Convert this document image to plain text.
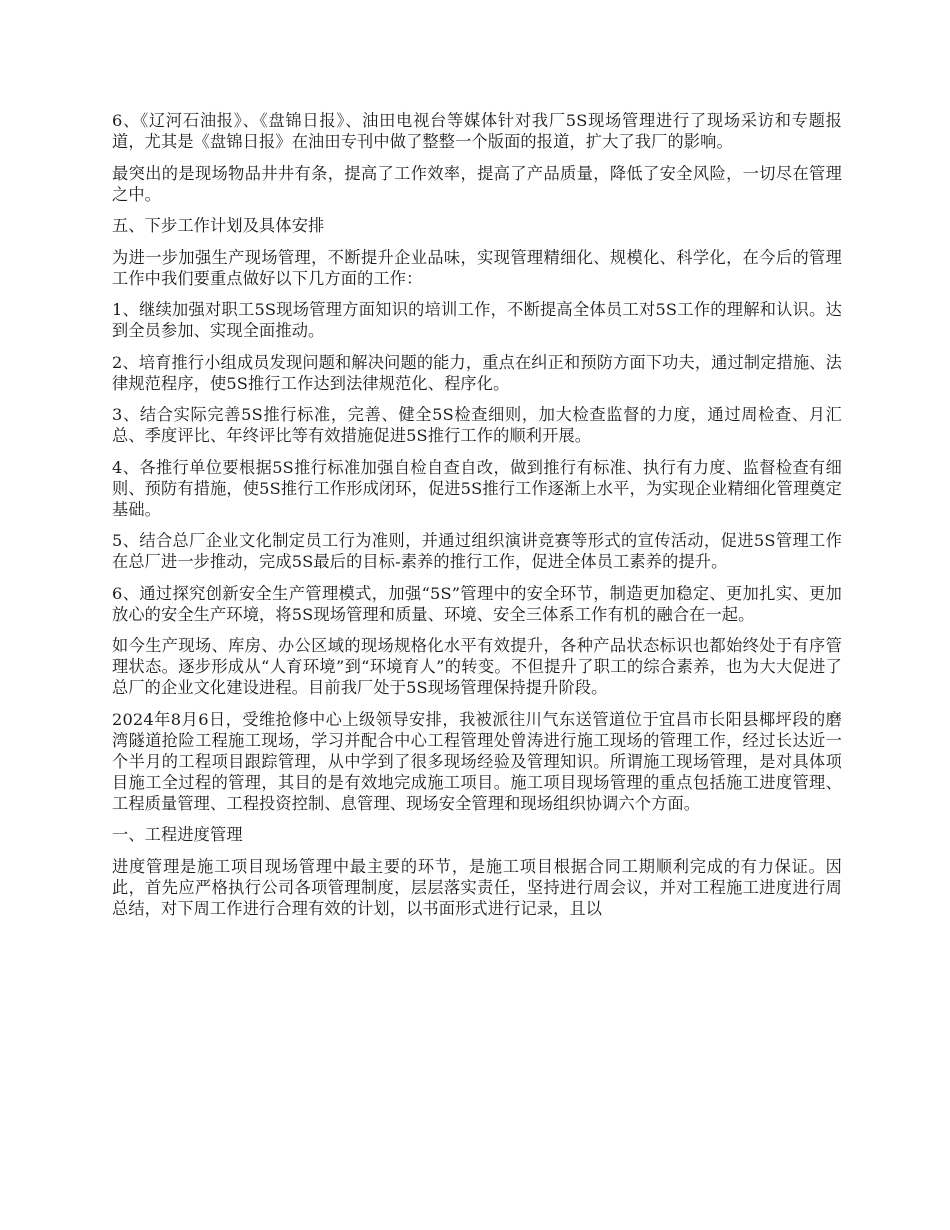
6、《辽河石油报》、《盘锦日报》、油田电视台等媒体针对我厂5S现场管理进行了现场采访和专题报道，尤其是《盘锦日报》在油田专刊中做了整整一个版面的报道，扩大了我厂的影响。

最突出的是现场物品井井有条，提高了工作效率，提高了产品质量，降低了安全风险，一切尽在管理之中。

五、下步工作计划及具体安排

为进一步加强生产现场管理，不断提升企业品味，实现管理精细化、规模化、科学化，在今后的管理工作中我们要重点做好以下几方面的工作：

1、继续加强对职工5S现场管理方面知识的培训工作，不断提高全体员工对5S工作的理解和认识。达到全员参加、实现全面推动。

2、培育推行小组成员发现问题和解决问题的能力，重点在纠正和预防方面下功夫，通过制定措施、法律规范程序，使5S推行工作达到法律规范化、程序化。

3、结合实际完善5S推行标准，完善、健全5S检查细则，加大检查监督的力度，通过周检查、月汇总、季度评比、年终评比等有效措施促进5S推行工作的顺利开展。

4、各推行单位要根据5S推行标准加强自检自查自改，做到推行有标准、执行有力度、监督检查有细则、预防有措施，使5S推行工作形成闭环，促进5S推行工作逐渐上水平，为实现企业精细化管理奠定基础。

5、结合总厂企业文化制定员工行为准则，并通过组织演讲竞赛等形式的宣传活动，促进5S管理工作在总厂进一步推动，完成5S最后的目标-素养的推行工作，促进全体员工素养的提升。

6、通过探究创新安全生产管理模式，加强“5S”管理中的安全环节，制造更加稳定、更加扎实、更加放心的安全生产环境，将5S现场管理和质量、环境、安全三体系工作有机的融合在一起。

如今生产现场、库房、办公区域的现场规格化水平有效提升，各种产品状态标识也都始终处于有序管理状态。逐步形成从“人育环境”到“环境育人”的转变。不但提升了职工的综合素养，也为大大促进了总厂的企业文化建设进程。目前我厂处于5S现场管理保持提升阶段。

2024年8月6日，受维抢修中心上级领导安排，我被派往川气东送管道位于宜昌市长阳县椰坪段的磨湾隧道抢险工程施工现场，学习并配合中心工程管理处曾涛进行施工现场的管理工作，经过长达近一个半月的工程项目跟踪管理，从中学到了很多现场经验及管理知识。所谓施工现场管理，是对具体项目施工全过程的管理，其目的是有效地完成施工项目。施工项目现场管理的重点包括施工进度管理、工程质量管理、工程投资控制、息管理、现场安全管理和现场组织协调六个方面。

一、工程进度管理

进度管理是施工项目现场管理中最主要的环节，是施工项目根据合同工期顺利完成的有力保证。因此，首先应严格执行公司各项管理制度，层层落实责任，坚持进行周会议，并对工程施工进度进行周总结，对下周工作进行合理有效的计划，以书面形式进行记录，且以
